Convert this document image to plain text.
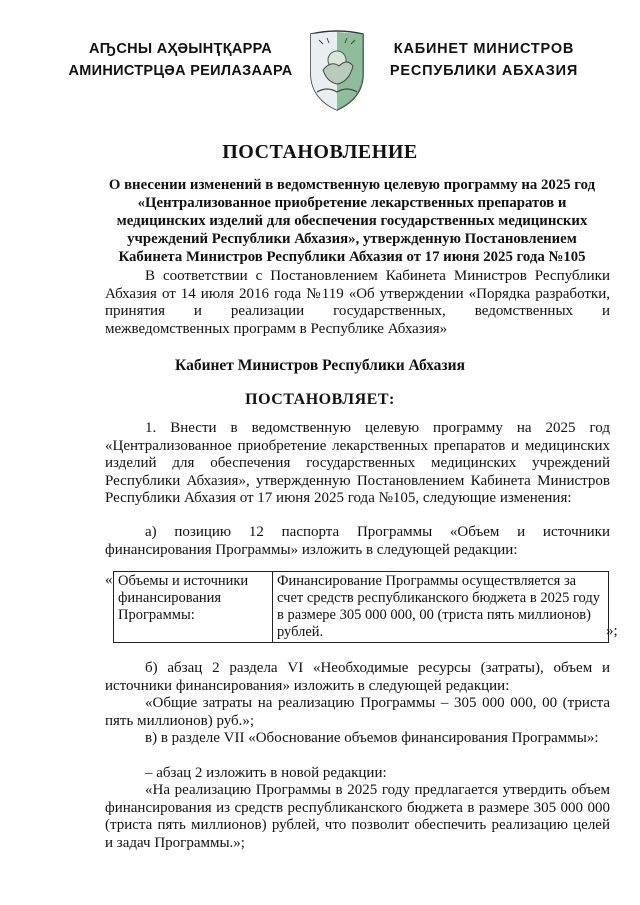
АҦСНЫ АҲӘЫНҬҚАРРА
АМИНИСТРЦӘА РЕИЛАЗААРА
КАБИНЕТ МИНИСТРОВ
РЕСПУБЛИКИ АБХАЗИЯ
ПОСТАНОВЛЕНИЕ
О внесении изменений в ведомственную целевую программу на 2025 год «Централизованное приобретение лекарственных препаратов и медицинских изделий для обеспечения государственных медицинских учреждений Республики Абхазия», утвержденную Постановлением Кабинета Министров Республики Абхазия от 17 июня 2025 года №105
В соответствии с Постановлением Кабинета Министров Республики Абхазия от 14 июля 2016 года №119 «Об утверждении «Порядка разработки, принятия и реализации государственных, ведомственных и межведомственных программ в Республике Абхазия»
Кабинет Министров Республики Абхазия
ПОСТАНОВЛЯЕТ:
1. Внести в ведомственную целевую программу на 2025 год «Централизованное приобретение лекарственных препаратов и медицинских изделий для обеспечения государственных медицинских учреждений Республики Абхазия», утвержденную Постановлением Кабинета Министров Республики Абхазия от 17 июня 2025 года №105, следующие изменения:
а) позицию 12 паспорта Программы «Объем и источники финансирования Программы» изложить в следующей редакции:
« Объемы и источники финансирования Программы:	Финансирование Программы осуществляется за счет средств республиканского бюджета в 2025 году в размере 305 000 000, 00 (триста пять миллионов) рублей.	»;
б) абзац 2 раздела VI «Необходимые ресурсы (затраты), объем и источники финансирования» изложить в следующей редакции:
«Общие затраты на реализацию Программы – 305 000 000, 00 (триста пять миллионов) руб.»;
в) в разделе VII «Обоснование объемов финансирования Программы»:
– абзац 2 изложить в новой редакции:
«На реализацию Программы в 2025 году предлагается утвердить объем финансирования из средств республиканского бюджета в размере 305 000 000 (триста пять миллионов) рублей, что позволит обеспечить реализацию целей и задач Программы.»;
